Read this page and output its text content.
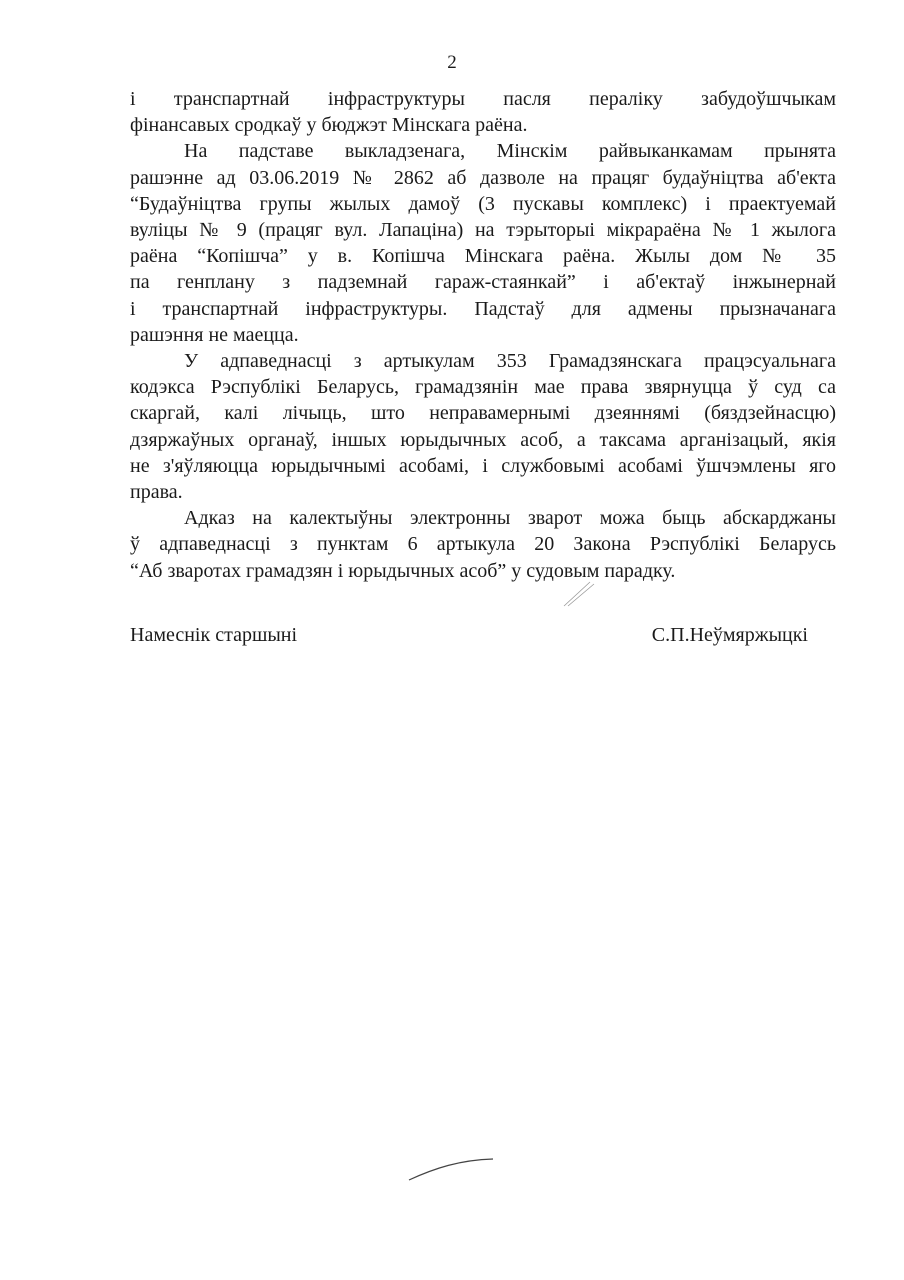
2
і транспартнай інфраструктуры пасля пераліку забудоўшчыкам
фінансавых сродкаў у бюджэт Мінскага раёна.
На падставе выкладзенага, Мінскім райвыканкамам прынята
рашэнне ад 03.06.2019 № 2862 аб дазволе на працяг будаўніцтва аб'екта
“Будаўніцтва групы жылых дамоў (3 пускавы комплекс) і праектуемай
вуліцы № 9 (працяг вул. Лапаціна) на тэрыторыі мікрараёна № 1 жылога
раёна “Копішча” у в. Копішча Мінскага раёна. Жылы дом № 35
па генплану з падземнай гараж-стаянкай” і аб'ектаў інжынернай
і транспартнай інфраструктуры. Падстаў для адмены прызначанага
рашэння не маецца.
У адпаведнасці з артыкулам 353 Грамадзянскага працэсуальнага
кодэкса Рэспублікі Беларусь, грамадзянін мае права звярнуцца ў суд са
скаргай, калі лічыць, што неправамернымі дзеяннямі (бяздзейнасцю)
дзяржаўных органаў, іншых юрыдычных асоб, а таксама арганізацый, якія
не з'яўляюцца юрыдычнымі асобамі, і службовымі асобамі ўшчэмлены яго
права.
Адказ на калектыўны электронны зварот можа быць абскарджаны
ў адпаведнасці з пунктам 6 артыкула 20 Закона Рэспублікі Беларусь
“Аб зваротах грамадзян і юрыдычных асоб” у судовым парадку.
Намеснік старшыні	С.П.Неўмяржыцкі
